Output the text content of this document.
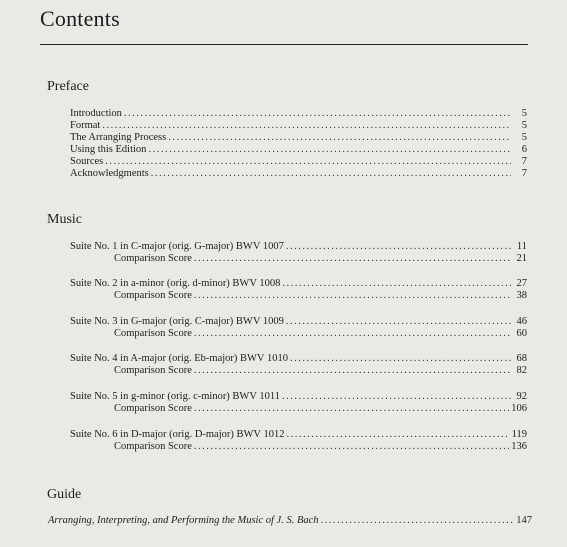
Contents
Preface
Introduction .....	5
Format .....	5
The Arranging Process .....	5
Using this Edition .....	6
Sources .....	7
Acknowledgments .....	7
Music
Suite No. 1 in C-major (orig. G-major) BWV 1007 .....	11
Comparison Score .....	21
Suite No. 2 in a-minor (orig. d-minor) BWV 1008 .....	27
Comparison Score .....	38
Suite No. 3 in G-major (orig. C-major) BWV 1009 .....	46
Comparison Score .....	60
Suite No. 4 in A-major (orig. Eb-major) BWV 1010 .....	68
Comparison Score .....	82
Suite No. 5 in g-minor (orig. c-minor) BWV 1011 .....	92
Comparison Score .....	106
Suite No. 6 in D-major (orig. D-major) BWV 1012 .....	119
Comparison Score .....	136
Guide
Arranging, Interpreting, and Performing the Music of J. S. Bach .....	147
